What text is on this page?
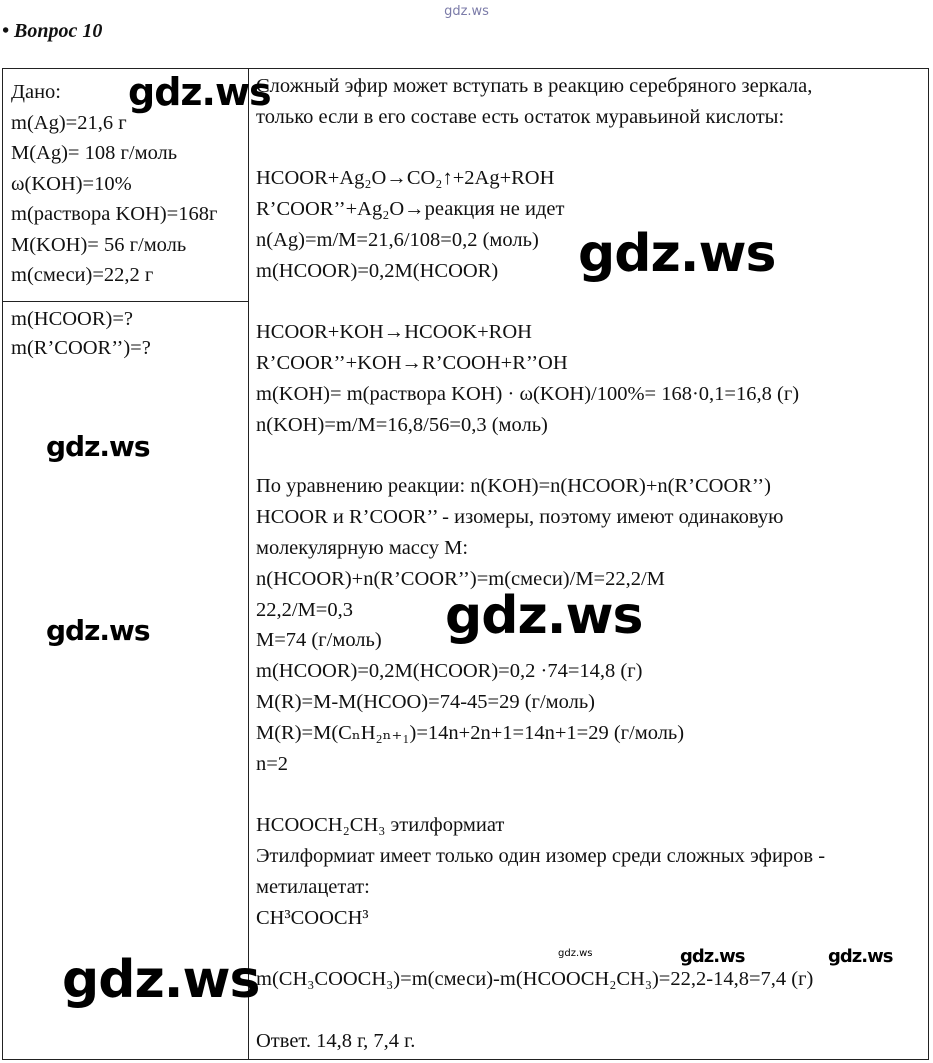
gdz.ws
• Вопрос 10
Дано:
m(Ag)=21,6 г
M(Ag)= 108 г/моль
ω(KOH)=10%
m(раствора KOH)=168г
M(KOH)= 56 г/моль
m(смеси)=22,2 г
m(HCOOR)=?
m(R’COOR’’)=?
Сложный эфир может вступать в реакцию серебряного зеркала,
только если в его составе есть остаток муравьиной кислоты:
HCOOR+Ag₂O→CO₂↑+2Ag+ROH
R’COOR’’+Ag₂O→реакция не идет
n(Ag)=m/M=21,6/108=0,2 (моль)
m(HCOOR)=0,2M(HCOOR)
HCOOR+KOH→HCOOK+ROH
R’COOR’’+KOH→R’COOH+R’’OH
m(KOH)= m(раствора KOH) · ω(KOH)/100%= 168·0,1=16,8 (г)
n(KOH)=m/M=16,8/56=0,3 (моль)
По уравнению реакции: n(KOH)=n(HCOOR)+n(R’COOR’’)
HCOOR и R’COOR’’ - изомеры, поэтому имеют одинаковую
молекулярную массу M:
n(HCOOR)+n(R’COOR’’)=m(смеси)/M=22,2/M
22,2/M=0,3
M=74 (г/моль)
m(HCOOR)=0,2M(HCOOR)=0,2 ·74=14,8 (г)
M(R)=M-M(HCOO)=74-45=29 (г/моль)
M(R)=M(CₙH₂ₙ₊₁)=14n+2n+1=14n+1=29 (г/моль)
n=2
HCOOCH₂CH₃ этилформиат
Этилформиат имеет только один изомер среди сложных эфиров -
метилацетат:
CH³COOCH³
m(CH₃COOCH₃)=m(смеси)-m(HCOOCH₂CH₃)=22,2-14,8=7,4 (г)
Ответ. 14,8 г, 7,4 г.
gdz.ws
gdz.ws
gdz.ws
gdz.ws
gdz.ws
gdz.ws	gdz.ws	gdz.ws
gdz.ws
